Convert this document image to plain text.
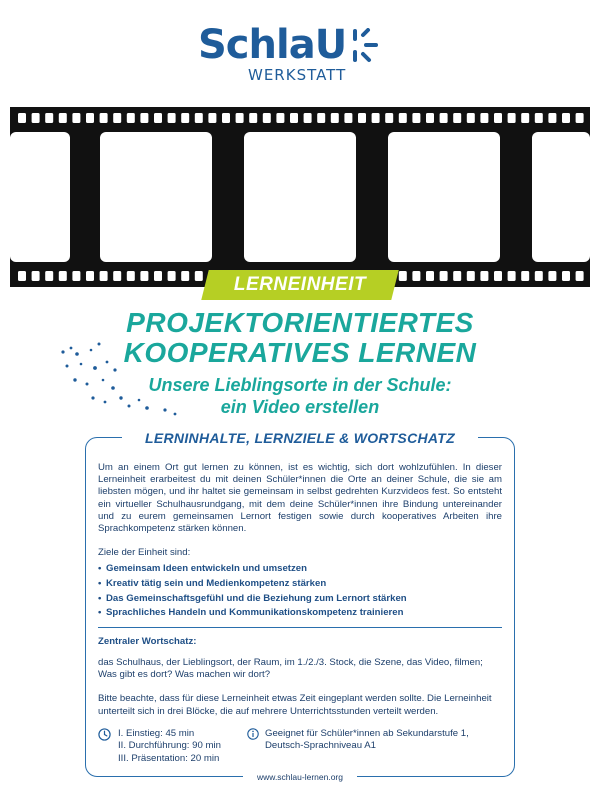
SchlaU
WERKSTATT
LERNEINHEIT
PROJEKTORIENTIERTES
KOOPERATIVES LERNEN
Unsere Lieblingsorte in der Schule:
ein Video erstellen
LERNINHALTE, LERNZIELE & WORTSCHATZ

Um an einem Ort gut lernen zu können, ist es wichtig, sich dort wohlzufühlen. In dieser Lerneinheit erarbeitest du mit deinen Schüler*innen die Orte an deiner Schule, die sie am liebsten mögen, und ihr haltet sie gemeinsam in selbst gedrehten Kurzvideos fest. So entsteht ein virtueller Schulhausrundgang, mit dem deine Schüler*innen ihre Bindung untereinander und zu eurem gemeinsamen Lernort festigen sowie durch kooperatives Arbeiten ihre Sprachkompetenz stärken können.

Ziele der Einheit sind:

• Gemeinsam Ideen entwickeln und umsetzen
• Kreativ tätig sein und Medienkompetenz stärken
• Das Gemeinschaftsgefühl und die Beziehung zum Lernort stärken
• Sprachliches Handeln und Kommunikationskompetenz trainieren

Zentraler Wortschatz:

das Schulhaus, der Lieblingsort, der Raum, im 1./2./3. Stock, die Szene, das Video, filmen; Was gibt es dort? Was machen wir dort?

Bitte beachte, dass für diese Lerneinheit etwas Zeit eingeplant werden sollte. Die Lerneinheit unterteilt sich in drei Blöcke, die auf mehrere Unterrichtsstunden verteilt werden.

I. Einstieg: 45 min
II. Durchführung: 90 min
III. Präsentation: 20 min
Geeignet für Schüler*innen ab Sekundarstufe 1,
Deutsch-Sprachniveau A1
www.schlau-lernen.org
